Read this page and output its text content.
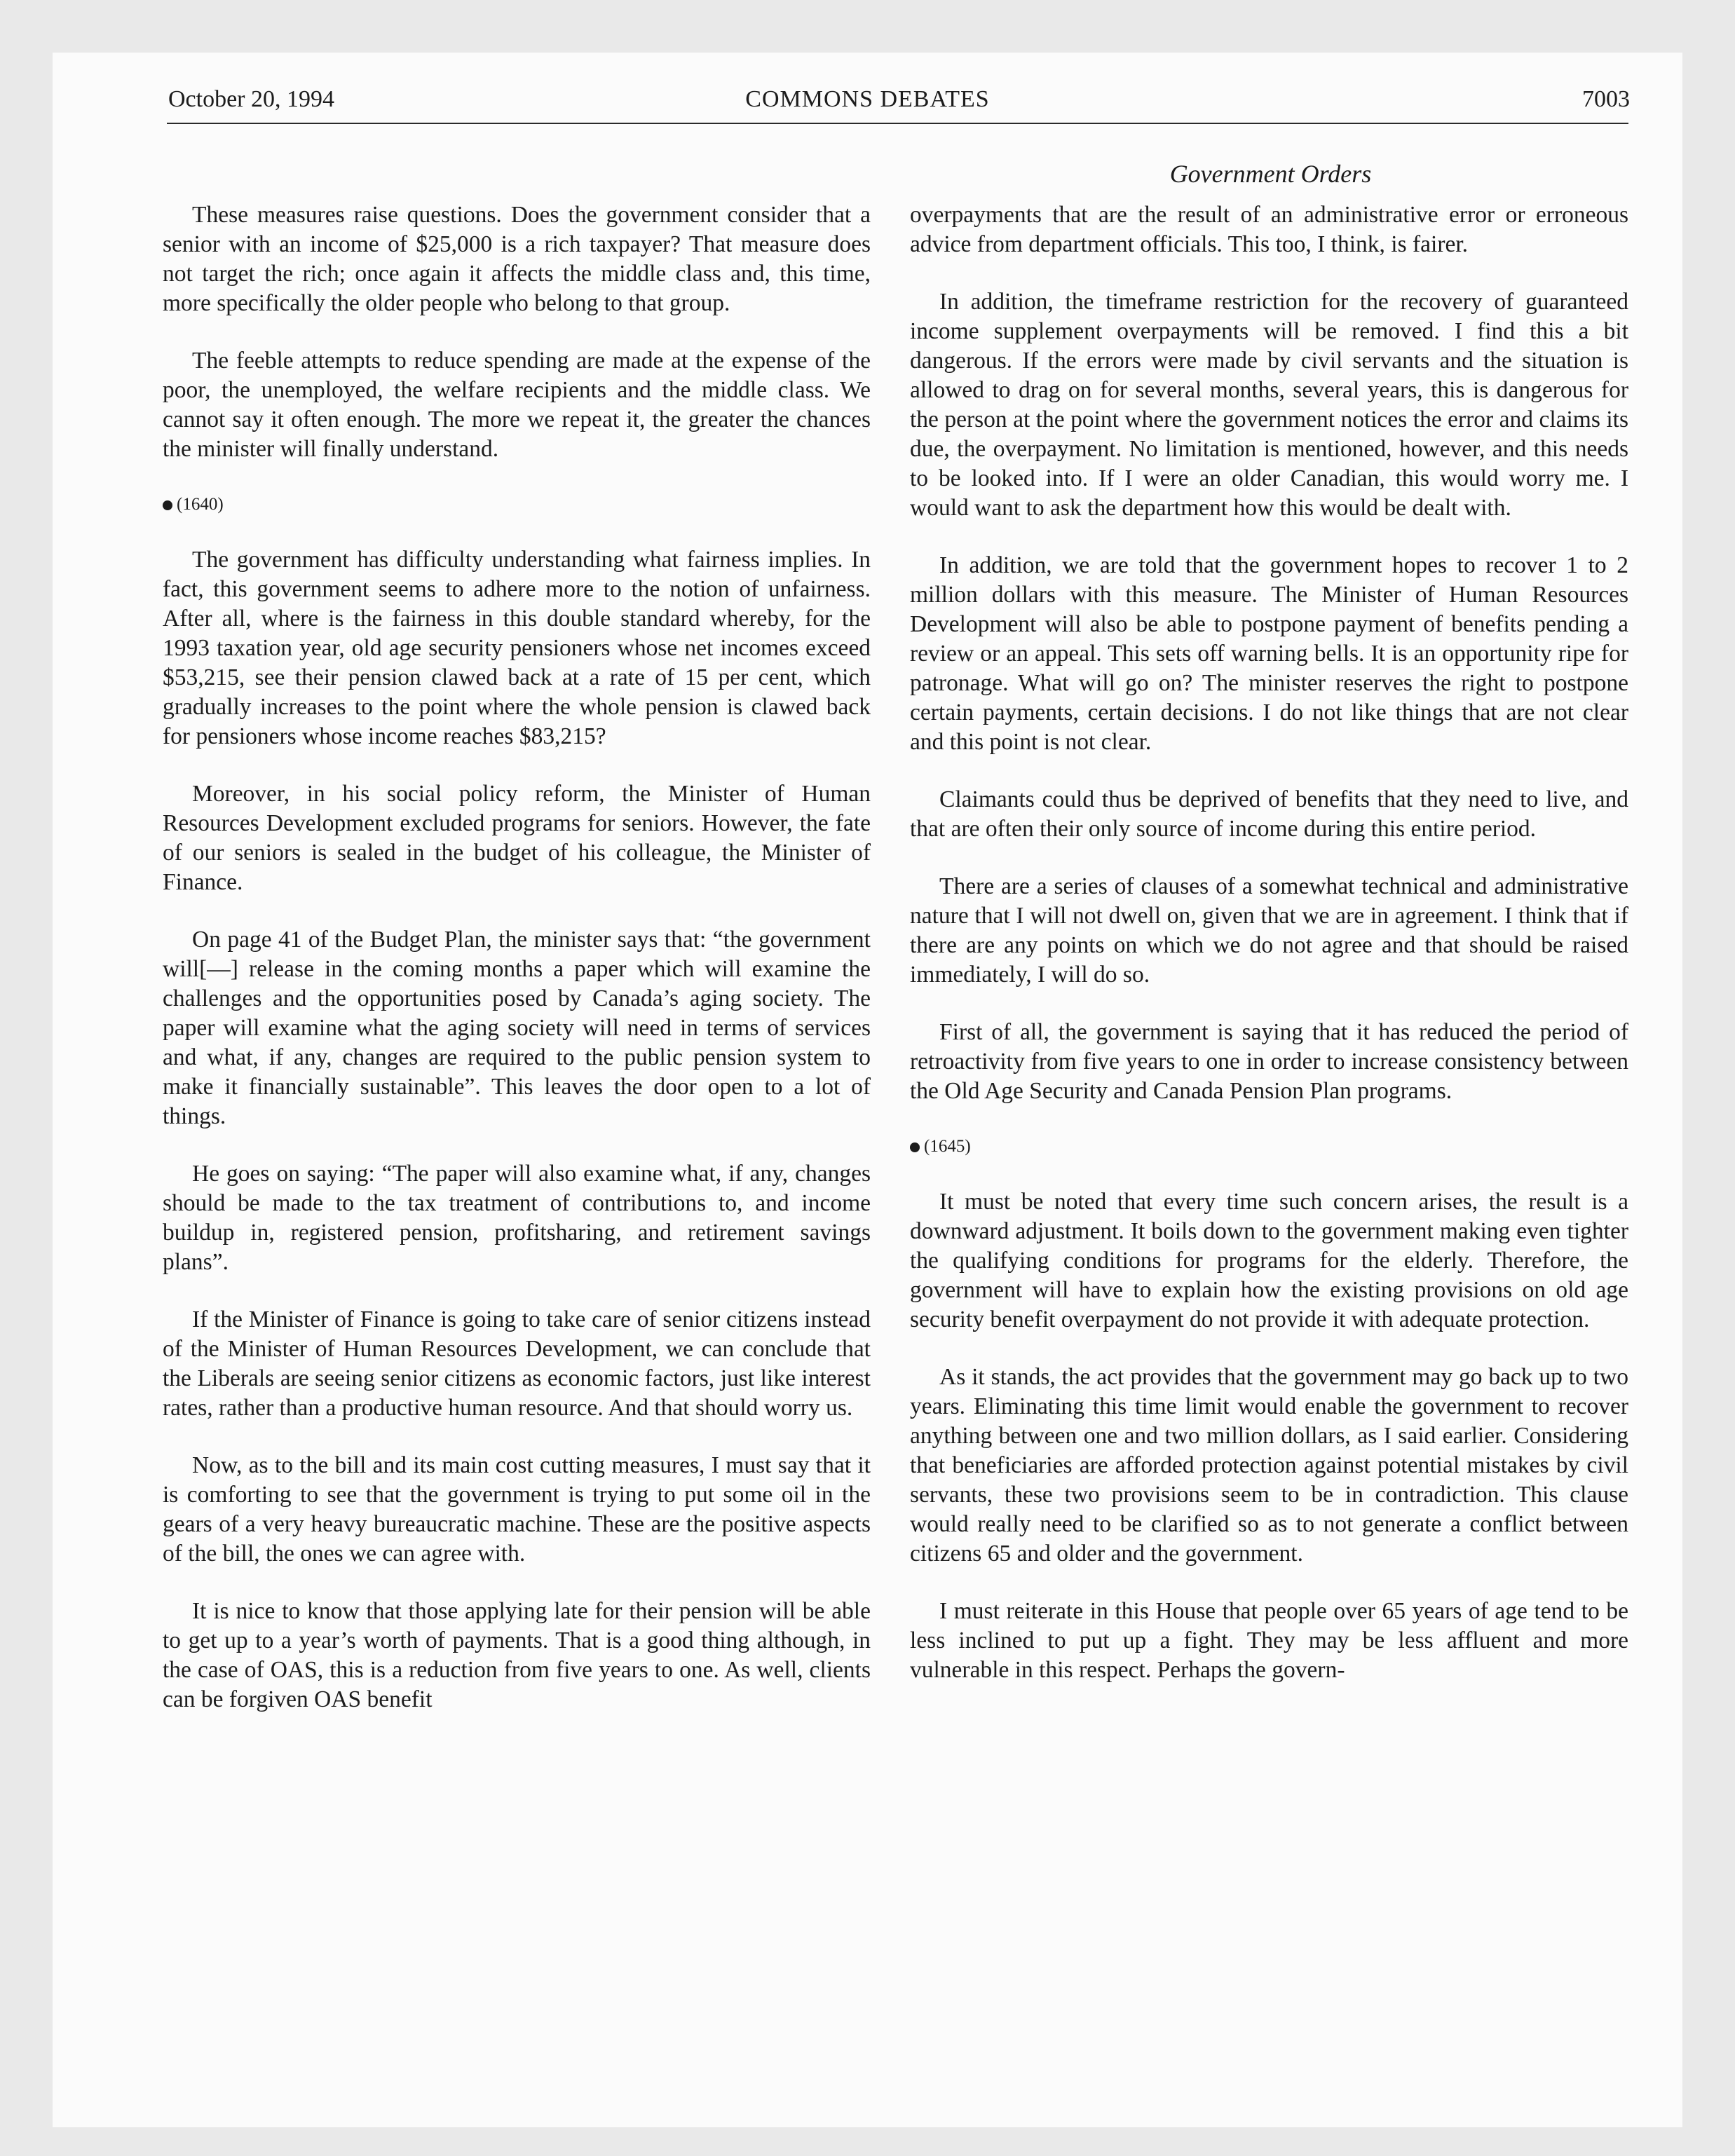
October 20, 1994	COMMONS DEBATES	7003
Government Orders

These measures raise questions. Does the government consider that a senior with an income of $25,000 is a rich taxpayer? That measure does not target the rich; once again it affects the middle class and, this time, more specifically the older people who belong to that group.

The feeble attempts to reduce spending are made at the expense of the poor, the unemployed, the welfare recipients and the middle class. We cannot say it often enough. The more we repeat it, the greater the chances the minister will finally understand.

(1640)

The government has difficulty understanding what fairness implies. In fact, this government seems to adhere more to the notion of unfairness. After all, where is the fairness in this double standard whereby, for the 1993 taxation year, old age security pensioners whose net incomes exceed $53,215, see their pension clawed back at a rate of 15 per cent, which gradually increases to the point where the whole pension is clawed back for pensioners whose income reaches $83,215?

Moreover, in his social policy reform, the Minister of Human Resources Development excluded programs for seniors. However, the fate of our seniors is sealed in the budget of his colleague, the Minister of Finance.

On page 41 of the Budget Plan, the minister says that: “the government will[—] release in the coming months a paper which will examine the challenges and the opportunities posed by Canada’s aging society. The paper will examine what the aging society will need in terms of services and what, if any, changes are required to the public pension system to make it financially sustainable”. This leaves the door open to a lot of things.

He goes on saying: “The paper will also examine what, if any, changes should be made to the tax treatment of contributions to, and income buildup in, registered pension, profitsharing, and retirement savings plans”.

If the Minister of Finance is going to take care of senior citizens instead of the Minister of Human Resources Development, we can conclude that the Liberals are seeing senior citizens as economic factors, just like interest rates, rather than a productive human resource. And that should worry us.

Now, as to the bill and its main cost cutting measures, I must say that it is comforting to see that the government is trying to put some oil in the gears of a very heavy bureaucratic machine. These are the positive aspects of the bill, the ones we can agree with.

It is nice to know that those applying late for their pension will be able to get up to a year’s worth of payments. That is a good thing although, in the case of OAS, this is a reduction from five years to one. As well, clients can be forgiven OAS benefit

overpayments that are the result of an administrative error or erroneous advice from department officials. This too, I think, is fairer.

In addition, the timeframe restriction for the recovery of guaranteed income supplement overpayments will be removed. I find this a bit dangerous. If the errors were made by civil servants and the situation is allowed to drag on for several months, several years, this is dangerous for the person at the point where the government notices the error and claims its due, the overpayment. No limitation is mentioned, however, and this needs to be looked into. If I were an older Canadian, this would worry me. I would want to ask the department how this would be dealt with.

In addition, we are told that the government hopes to recover 1 to 2 million dollars with this measure. The Minister of Human Resources Development will also be able to postpone payment of benefits pending a review or an appeal. This sets off warning bells. It is an opportunity ripe for patronage. What will go on? The minister reserves the right to postpone certain payments, certain decisions. I do not like things that are not clear and this point is not clear.

Claimants could thus be deprived of benefits that they need to live, and that are often their only source of income during this entire period.

There are a series of clauses of a somewhat technical and administrative nature that I will not dwell on, given that we are in agreement. I think that if there are any points on which we do not agree and that should be raised immediately, I will do so.

First of all, the government is saying that it has reduced the period of retroactivity from five years to one in order to increase consistency between the Old Age Security and Canada Pension Plan programs.

(1645)

It must be noted that every time such concern arises, the result is a downward adjustment. It boils down to the government making even tighter the qualifying conditions for programs for the elderly. Therefore, the government will have to explain how the existing provisions on old age security benefit overpayment do not provide it with adequate protection.

As it stands, the act provides that the government may go back up to two years. Eliminating this time limit would enable the government to recover anything between one and two million dollars, as I said earlier. Considering that beneficiaries are afforded protection against potential mistakes by civil servants, these two provisions seem to be in contradiction. This clause would really need to be clarified so as to not generate a conflict between citizens 65 and older and the government.

I must reiterate in this House that people over 65 years of age tend to be less inclined to put up a fight. They may be less affluent and more vulnerable in this respect. Perhaps the govern-
